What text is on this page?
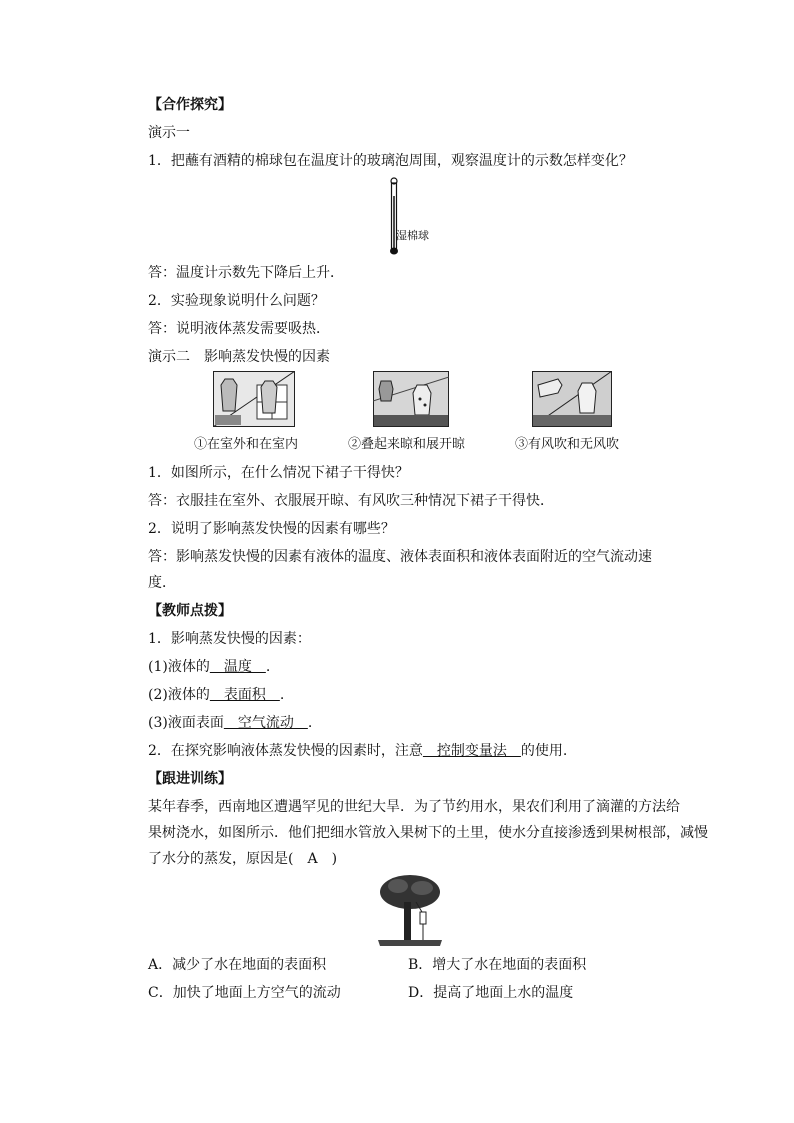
【合作探究】
演示一
1．把蘸有酒精的棉球包在温度计的玻璃泡周围，观察温度计的示数怎样变化？
湿棉球
答：温度计示数先下降后上升．
2．实验现象说明什么问题？
答：说明液体蒸发需要吸热．
演示二　影响蒸发快慢的因素
①在室外和在室内	②叠起来晾和展开晾	③有风吹和无风吹
1．如图所示，在什么情况下裙子干得快？
答：衣服挂在室外、衣服展开晾、有风吹三种情况下裙子干得快．
2．说明了影响蒸发快慢的因素有哪些？
答：影响蒸发快慢的因素有液体的温度、液体表面积和液体表面附近的空气流动速
度．
【教师点拨】
1．影响蒸发快慢的因素：
(1)液体的　温度　.
(2)液体的　表面积　.
(3)液面表面　空气流动　.
2．在探究影响液体蒸发快慢的因素时，注意　控制变量法　的使用.
【跟进训练】
某年春季，西南地区遭遇罕见的世纪大旱．为了节约用水，果农们利用了滴灌的方法给
果树浇水，如图所示．他们把细水管放入果树下的土里，使水分直接渗透到果树根部，减慢
了水分的蒸发，原因是(　A　)
A．减少了水在地面的表面积	B．增大了水在地面的表面积
C．加快了地面上方空气的流动	D．提高了地面上水的温度
